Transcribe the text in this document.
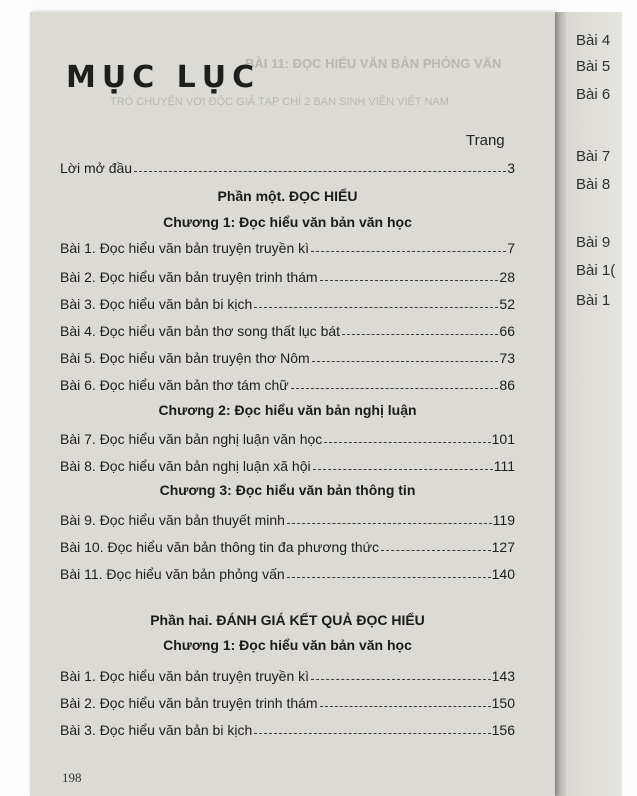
Bài 4
Bài 5
Bài 6
Bài 7
Bài 8
Bài 9
Bài 1(
Bài 1
BÀI 11: ĐỌC HIỂU VĂN BẢN PHỎNG VẤN
TRÒ CHUYỆN VỚI ĐỘC GIẢ TẠP CHÍ 2 BẠN SINH VIÊN VIỆT NAM
MỤC LỤC
Trang
Lời mở đầu	3
Phần một. ĐỌC HIỂU
Chương 1: Đọc hiểu văn bản văn học
Bài 1. Đọc hiểu văn bản truyện truyền kì	7
Bài 2. Đọc hiểu văn bản truyện trinh thám	28
Bài 3. Đọc hiểu văn bản bi kịch	52
Bài 4. Đọc hiểu văn bản thơ song thất lục bát	66
Bài 5. Đọc hiểu văn bản truyện thơ Nôm	73
Bài 6. Đọc hiểu văn bản thơ tám chữ	86
Chương 2: Đọc hiểu văn bản nghị luận
Bài 7. Đọc hiểu văn bản nghị luận văn học	101
Bài 8. Đọc hiểu văn bản nghị luận xã hội	111
Chương 3: Đọc hiểu văn bản thông tin
Bài 9. Đọc hiểu văn bản thuyết minh	119
Bài 10. Đọc hiểu văn bản thông tin đa phương thức	127
Bài 11. Đọc hiểu văn bản phỏng vấn	140
Phần hai. ĐÁNH GIÁ KẾT QUẢ ĐỌC HIỂU
Chương 1: Đọc hiểu văn bản văn học
Bài 1. Đọc hiểu văn bản truyện truyền kì	143
Bài 2. Đọc hiểu văn bản truyện trinh thám	150
Bài 3. Đọc hiểu văn bản bi kịch	156
198
